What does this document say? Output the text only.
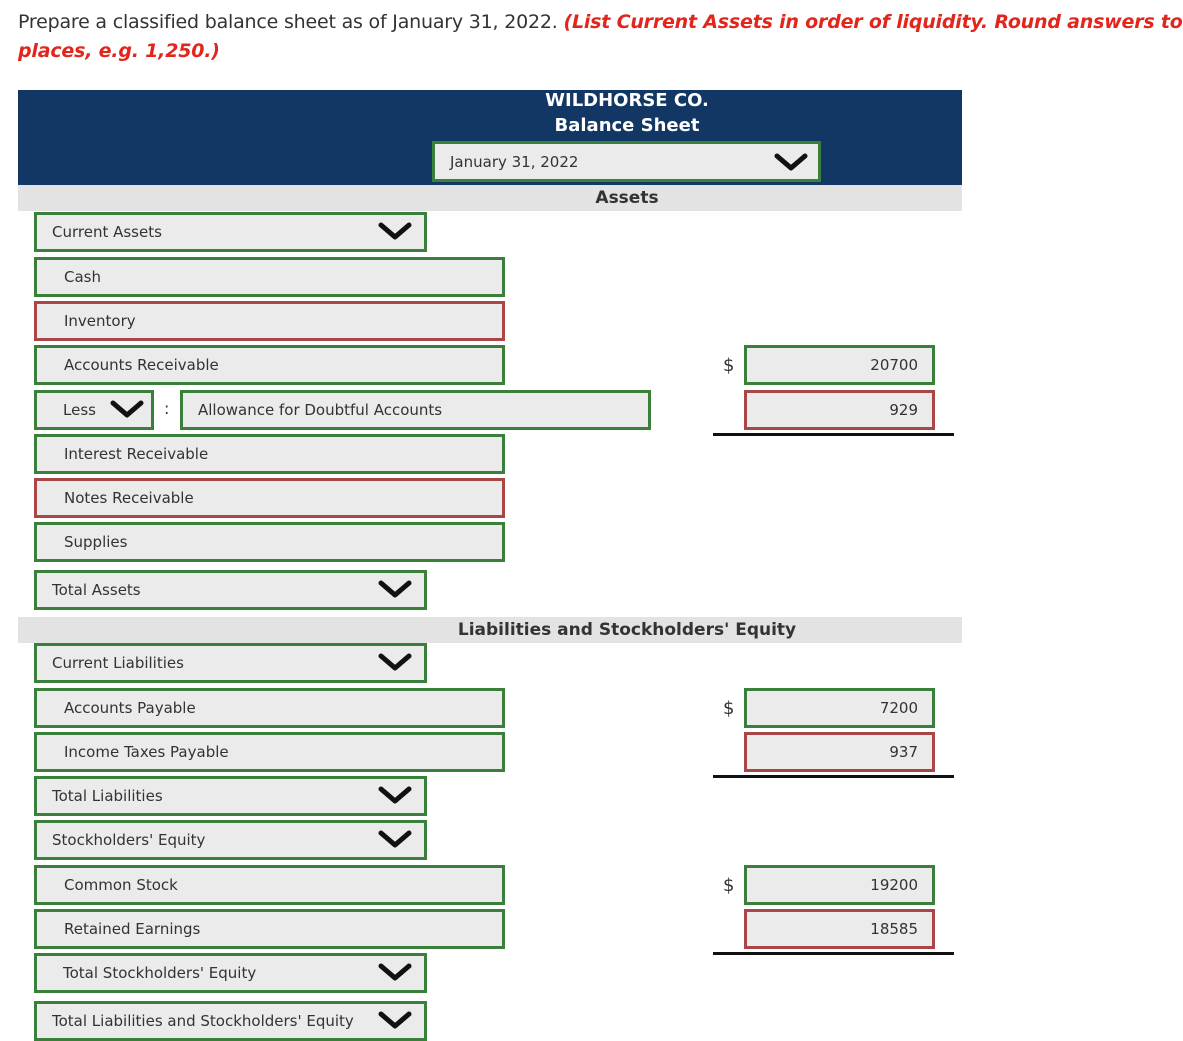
Prepare a classified balance sheet as of January 31, 2022. (List Current Assets in order of liquidity. Round answers to
places, e.g. 1,250.)
WILDHORSE CO.
Balance Sheet
January 31, 2022
Assets
Current Assets
Cash
Inventory
Accounts Receivable	$	20700
Less	:	Allowance for Doubtful Accounts	929
Interest Receivable
Notes Receivable
Supplies
Total Assets
Liabilities and Stockholders' Equity
Current Liabilities
Accounts Payable	$	7200
Income Taxes Payable	937
Total Liabilities
Stockholders' Equity
Common Stock	$	19200
Retained Earnings	18585
Total Stockholders' Equity
Total Liabilities and Stockholders' Equity
